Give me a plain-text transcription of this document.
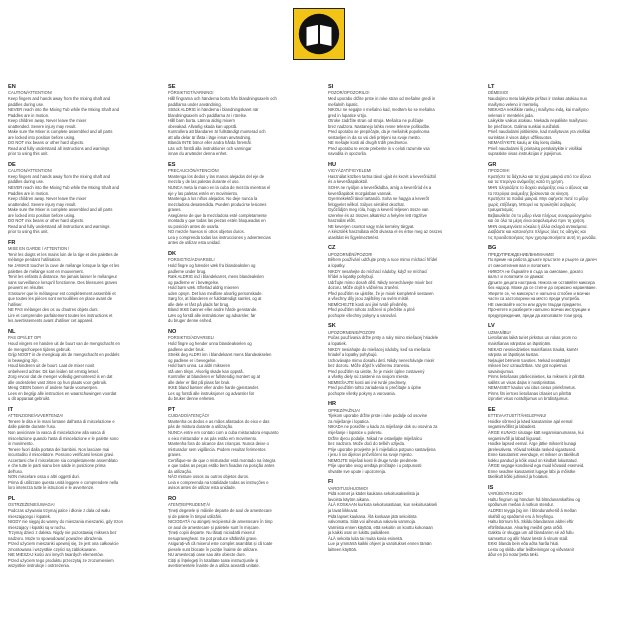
EN
CAUTION/ATTENTION!
Keep fingers and hands away from the mixing shaft and
paddles during use.
NEVER reach into the Mixing Tub while the Mixing Shaft and
Paddles are in motion.
Keep children away. Never leave the mixer
unattended. Severe injury may result.
Make sure the Mixer is complete assembled and all parts
are locked into position before using.
DO NOT mix beans or other hard objects.
Read and fully understand all instructions and warnings
prior to using this unit.
DE
CAUTION/ATTENTION!
Keep fingers and hands away from the mixing shaft and
paddles during use.
NEVER reach into the Mixing Tub while the Mixing Shaft and
Paddles are in motion.
Keep children away. Never leave the mixer
unattended. Severe injury may result.
Make sure the Mixer is complete assembled and all parts
are locked into position before using.
DO NOT mix beans or other hard objects.
Read and fully understand all instructions and warnings
prior to using this unit.
FR
MISE EN GARDE / ATTENTION !
Tenir les doigts et les mains loin de la tige et des palettes de
mélange pendant l'utilisation.
Ne JAMAIS toucher la cuve de mélange lorsque la tige et les
palettes de mélange sont en mouvement.
Tenir les enfants à distance. Ne jamais laisser le mélangeur
sans surveillance lorsqu'il fonctionne. Des blessures graves
peuvent en résulter.
S'assurer que le mélangeur est complètement assemblé et
que toutes les pièces sont verrouillées en place avant de
l'utiliser.
NE PAS mélanger des os ou d'autres objets durs.
Lire et comprendre parfaitement toutes les instructions et
les avertissements avant d'utiliser cet appareil.
NL
PAS OP!/LET OP!
Houd vingers en handen uit de buurt van de mengschacht en
de mengschoepen tijdens gebruik.
Grijp NOOIT in de mengkuip als de mengschacht en peddels
in beweging zijn.
Houd kinderen uit de buurt. Laat de mixer nooit
onbeheerd achter. Dit kan leiden tot ernstig letsel.
Zorg ervoor dat de menger volledig gemonteerd is en dat
alle onderdelen vast zitten op hun plaats voor gebruik.
Meng GEEN bonen of andere harde voorwerpen.
Lees en begrijp alle instructies en waarschuwingen voordat
u dit apparaat gebruikt.
IT
ATTENZIONE/AVVERTENZA!
Tenere le dita e le mani lontane dall'asta di miscelazione e
dalle palette durante l'uso.
Non avvicinare la vasca di miscelazione alla vasca di
miscelazione quando l'asta di miscelazione e le palette sono
in movimento.
Tenere fuori dalla portata dei bambini. Non lasciare mai
incustodito il miscelatore. Possono verificarsi lesioni gravi.
Accertarsi che il miscelatore sia completamente assemblato
e che tutte le parti siano ben salde in posizione prima
dell'uso.
NON miscelare ossa o altri oggetti duri.
Prima di utilizzare questa unità leggere e comprendere nella
loro interezza tutte le istruzioni e le avvertenze.
PL
OSTRZEŻENIE/UWAGA!
Podczas używania trzymaj palce i dłonie z dala od wału
mieszającego i łopatek.
NIGDY nie sięgaj do wanny do mieszania mieszanki, gdy trzon
mieszający i łopatki są w ruchu.
Trzymaj dzieci z daleka. Nigdy nie pozostawiaj miksera bez
nadzoru. Może to spowodować poważne obrażenia.
Przed użyciem mieszanki upewnij się, że jest ona całkowicie
zmontowana i wszystkie części są zablokowane.
NIE MIESZAJ kości ani innych twardych elementów.
Przed użyciem tego produktu przeczytaj ze zrozumieniem
wszystkie instrukcje i ostrzeżenia.
SE
FÖRSIKTIGT/VARNING!
Håll fingrarna och händerna borta från blandningsaxeln och
paddlarna under användning.
Sträck ALDRIG in händerna i blandningskaret när
blandningsaxeln och paddlarna är i rörelse.
Håll barn borta. Lämna aldrig mixern
obevakad. Allvarlig skada kan uppstå.
Kontrollera att blandaren är fullständigt monterad och
att alla delar är låsta i läge innan användning.
Blanda INTE bönor eller andra hårda föremål.
Läs och förstå alla instruktioner och varningar
innan du använder denna enhet.
ES
PRECAUCIÓN/ATENCIÓN!
Mantenga los dedos y las manos alejados del eje de
mezcla y de las paletas durante el uso.
NUNCA meta la mano en la cuba de mezcla mientras el
eje y las paletas estén en movimiento.
Mantenga a los niños alejados. No deje nunca la
mezcladora desatendida. Pueden producirse lesiones
graves.
Asegúrese de que la mezcladora esté completamente
montada y que todas las piezas estén bloqueadas en
su posición antes de usarla.
NO mezcle huesos ni otros objetos duros.
Lea y comprenda todas las instrucciones y advertencias
antes de utilizar esta unidad.
DK
FORSIGTIG/ADVARSEL!
Hold fingre og hænder væk fra blandeakslen og
padlerne under brug.
Ræk ALDRIG ind i blandekarret, mens blandeakslen
og padlerne er i bevægelse.
Hold børn væk. Efterlad aldrig mixeren
uden opsyn. Det kan medføre alvorlig personskade.
Sørg for, at blanderen er fuldstændigt samlet, og at
alle dele er låst på plads før brug.
Bland IKKE bønner eller andre hårde genstande.
Læs og forstå alle instruktioner og advarsler, før
du bruger denne enhed.
NO
FORSIKTIG/ADVARSEL!
Hold fingre og hender unna blandeakselen og
padlene under bruk.
Strekk deg ALDRI inn i blandekaret mens blandeakselen
og padlene er i bevegelse.
Hold barn unna. La aldri mikseren
stå uten tilsyn. Alvorlig skade kan oppstå.
Kontroller at blanderen er fullstendig montert og at
alle deler er låst på plass før bruk.
IKKE bland bønner eller andre harde gjenstander.
Les og forstå alle instruksjoner og advarsler før
du bruker denne enheten.
PT
CUIDADO/ATENÇÃO!
Mantenha os dedos e as mãos afastados do eixo e das
pás de mistura durante a utilização.
NUNCA entre em contato com a cuba misturadora enquanto
o eixo misturador e as pás estão em movimento.
Mantenha fora do alcance das crianças. Nunca deixe o
misturador sem vigilância. Podem resultar ferimentos
graves.
Certifique-se de que o misturador está montado na íntegra
e que todas as peças estão bem fixadas na posição antes
da utilização.
NÃO misture ossos ou outros objetos duros.
Leia e compreenda na totalidade todas as instruções e
avisos antes de utilizar esta unidade.
RO
ATENȚIE/PRUDENȚĂ!
Țineți degetele și mâinile departe de axul de amestecare
și de palete în timpul utilizării.
NICIODATĂ nu atingeți recipientul de amestecare în timp
ce axul de amestecare și paletele sunt în mișcare.
Țineți copiii departe. Nu lăsați niciodată mixerul
nesupravegheat. Se pot produce vătămări grave.
Asigurați-vă că mixerul este complet asamblat și că toate
piesele sunt blocate în poziție înainte de utilizare.
NU amestecați oase sau alte obiecte dure.
Citiți și înțelegeți în totalitate toate instrucțiunile și
avertismentele înainte de a utiliza această unitate.
SI
POZOR/OPOZORILO!
Med uporabo držite prste in roke stran od mešalne gredi in
mešalnih lopatic.
NIKOLI ne segajte v mešalno kad, medtem ko se mešalna
gred in lopatice vrtijo.
Otroke zadržite stran od stroja. Mešalca ne puščajte
brez nadzora. Nastanejo lahko resne telesne poškodbe.
Pred uporabo se prepričajte, da je mešalnik popolnoma
sestavljen in da so vsi deli pritrjeni na svoje mesto.
NE mešajte kosti ali drugih trdih predmetov.
Pred uporabo te enote preberite in v celoti razumite vsa
navodila in opozorila.
HU
VIGYÁZAT/FIGYELEM!
Használat közben tartsa távol ujjait és kezét a keverőrúdtól
és a keverőlapátoktól.
SOHA ne nyúljon a keverőkádba, amíg a keverőrúd és a
keverőlapátok mozgásban vannak.
Gyermekektől távol tartandó. Soha ne hagyja a keverőt
felügyelet nélkül. Súlyos sérülést okozhat.
Győződjön meg róla, hogy a keverő teljesen össze van
szerelve és az összes alkatrész a helyére lett rögzítve
használat előtt.
NE keverjen csontot vagy más kemény tárgyat.
A készülék használata előtt olvassa el és értse meg az összes
utasítást és figyelmeztetést.
CZ
UPOZORNĚNÍ/POZOR!
Během používání udržujte prsty a ruce mimo míchací hřídel
a lopatky.
NIKDY nesahejte do míchací nádoby, když se míchací
hřídel a lopatky pohybují.
Udržujte mimo dosah dětí. Nikdy nenechávejte mixér bez
dozoru. Může dojít k vážnému zranění.
Před použitím se ujistěte, že je mixér kompletně sestaven
a všechny díly jsou zajištěny na svém místě.
NEMÍCHEJTE kosti ani jiné tvrdé předměty.
Před použitím tohoto zařízení si přečtěte a plně
pochopte všechny pokyny a varování.
SK
UPOZORNENIE/POZOR!
Počas používania držte prsty a ruky mimo miešacej hriadele
a lopatiek.
NIKDY nesiahajte do miešacej nádoby, keď sa miešacia
hriadeľ a lopatky pohybujú.
Uchovávajte mimo dosahu detí. Nikdy nenechávajte mixér
bez dozoru. Môže dôjsť k vážnemu zraneniu.
Pred použitím sa uistite, že je mixér úplne zostavený
a všetky diely sú zaistené na svojom mieste.
NEMIEŠAJTE kosti ani iné tvrdé predmety.
Pred použitím tohto zariadenia si prečítajte a úplne
pochopte všetky pokyny a varovania.
HR
OPREZ/PAŽNJA!
Tijekom uporabe držite prste i ruke podalje od osovine
za miješanje i lopatica.
NIKADA ne posežite u kadu za miješanje dok su osovina za
miješanje i lopatice u pokretu.
Držite djecu podalje. Nikad ne ostavljajte miješalicu
bez nadzora. Može doći do teških ozljeda.
Prije uporabe provjerite je li miješalica potpuno sastavljena
i jesu li svi dijelovi pričvršćeni na svoje mjesto.
NEMOJTE miješati kosti ili druge tvrde predmete.
Prije uporabe ovog uređaja pročitajte i u potpunosti
shvatite sve upute i upozorenja.
FI
VAROITUS/HUOMIO!
Pidä sormet ja kädet kaukana sekoitusakselista ja
lavoista käytön aikana.
ÄLÄ KOSKAAN kurkota sekoitusastiaan, kun sekoitusakseli
ja lavat liikkuvat.
Pidä lapset kaukana. Älä koskaan jätä sekoitinta
valvomatta. Siitä voi aiheutua vakavia vammoja.
Varmista ennen käyttöä, että sekoitin on koottu kokonaan
ja kaikki osat on lukittu paikalleen.
ÄLÄ sekoita luita tai muita kovia esineitä.
Lue ja ymmärrä kaikki ohjeet ja varoitukset ennen tämän
laitteen käyttöä.
LT
DĖMESIO!
Naudojimo metu laikykite pirštus ir rankas atokiau nuo
maišymo veleno ir mentelių.
NIEKADA nekiškite rankų į maišymo indą, kai maišymo
velenas ir mentelės juda.
Laikykite vaikus atokiau. Niekada nepalikite maišytuvo
be priežiūros. Galima sunkiai susižaloti.
Prieš naudodami įsitikinkite, kad maišytuvas yra visiškai
surinktas ir visos dalys užfiksuotos.
NEMAIŠYKITE kaulų ar kitų kietų daiktų.
Prieš naudodami šį prietaisą perskaitykite ir visiškai
supraskite visas instrukcijas ir įspėjimus.
GR
ΠΡΟΣΟΧΗ!
Κρατήστε τα δάχτυλα και τα χέρια μακριά από τον άξονα
και τα πτερύγια ανάμειξης κατά τη χρήση.
ΜΗΝ πλησιάζετε το δοχείο ανάμειξης ενώ ο άξονας και
τα πτερύγια ανάμειξης βρίσκονται σε κίνηση.
Κρατήστε τα παιδιά μακριά. Μην αφήνετε ποτέ το μίξερ
χωρίς επίβλεψη. Μπορεί να προκληθεί σοβαρός
τραυματισμός.
Βεβαιωθείτε ότι το μίξερ είναι πλήρως συναρμολογημένο
και ότι όλα τα μέρη είναι ασφαλισμένα πριν τη χρήση.
ΜΗΝ αναμειγνύετε κόκαλα ή άλλα σκληρά αντικείμενα.
Διαβάστε και κατανοήστε πλήρως όλες τις οδηγίες και
τις προειδοποιήσεις πριν χρησιμοποιήσετε αυτή τη μονάδα.
BG
ПРЕДУПРЕЖДЕНИЕ/ВНИМАНИЕ!
По време на работа дръжте пръстите и ръцете си далеч
от смесителния вал и лопатките.
НИКОГА не бъркайте в съда за смесване, докато
валът и лопатките се движат.
Дръжте децата настрана. Никога не оставяйте миксера
без надзор. Може да се стигне до сериозно нараняване.
Уверете се, че миксерът е напълно сглобен и всички
части са застопорени на място преди употреба.
НЕ смесвайте кости или други твърди предмети.
Прочетете и разберете напълно всички инструкции и
предупреждения, преди да използвате този уред.
LV
UZMANĪBU!
Lietošanas laikā turiet pirkstus un rokas prom no
maisīšanas vārpstas un lāpstiņām.
NEKAD nesniedzieties maisīšanas traukā, kamēr
vārpsta un lāpstiņas kustas.
Neļaujiet bērniem tuvoties. Nekad neatstājiet
mikseri bez uzraudzības. Var gūt nopietnus
savainojumus.
Pirms lietošanas pārliecinieties, ka mikseris ir pilnībā
salikts un visas daļas ir nostiprinātas.
NEMAISIET kaulus vai citus cietus priekšmetus.
Pirms šīs ierīces lietošanas izlasiet un pilnībā
izprotiet visus norādījumus un brīdinājumus.
EE
ETTEVAATUST/TÄHELEPANU!
Hoidke sõrmed ja käed kasutamise ajal eemal
segamisvõllist ja labadest.
ÄRGE KUNAGI sirutage kätt segamisanumasse, kui
segamisvõll ja labad liiguvad.
Hoidke lapsed eemal. Ärge jätke mikserit kunagi
järelevalveta. Võivad tekkida rasked vigastused.
Enne kasutamist veenduge, et mikser on täielikult
kokku pandud ja kõik osad on kindlalt lukustatud.
ÄRGE segage kondiseid ega muid kõvasid esemeid.
Enne seadme kasutamist lugege läbi ja mõistke
täielikult kõiki juhiseid ja hoiatusi.
IS
VARÚÐ/ATHUGIÐ!
Haltu fingrum og höndum frá blöndunarskaftinu og
spöðunum meðan á notkun stendur.
ALDREI teygja þig inn í blöndunarkerið á meðan
skaftið og spaðarnir eru á hreyfingu.
Haltu börnum frá. Skildu blandarann aldrei eftir
eftirlitslausan. Alvarleg meiðsl geta orðið.
Gakktu úr skugga um að blandarinn sé að fullu
samsettur og allir hlutar læstir á sínum stað.
EKKI blanda bein eða aðra harða hluti.
Lestu og skildu allar leiðbeiningar og viðvaranir
áður en þú notar þetta tæki.
